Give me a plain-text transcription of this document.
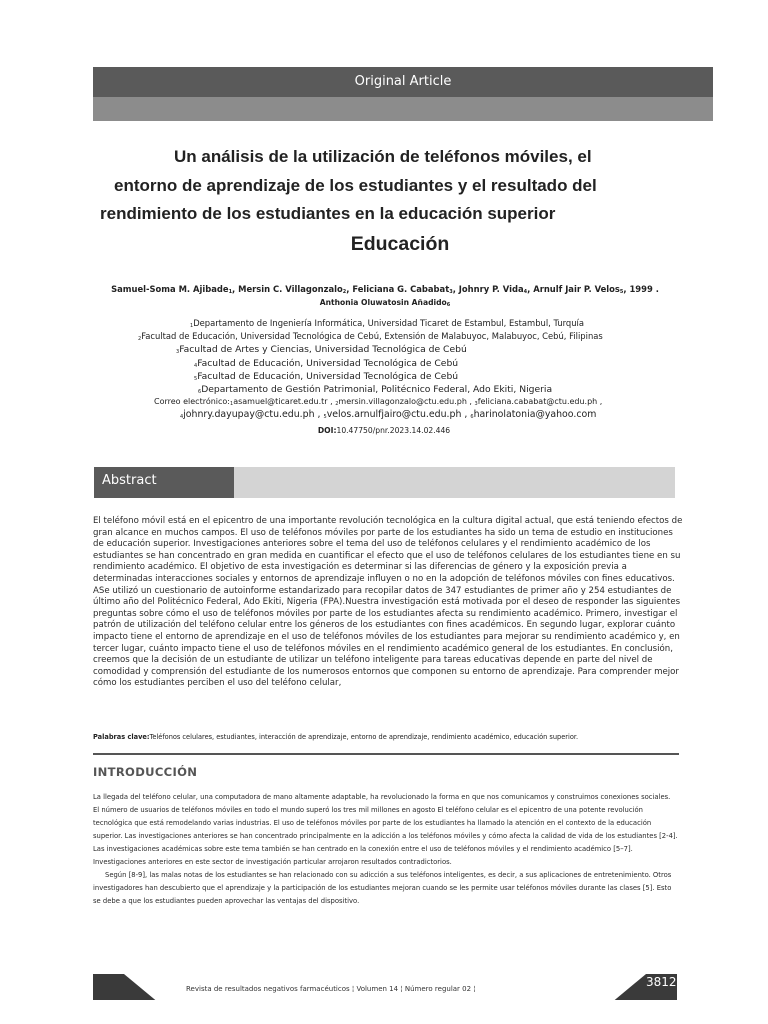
Original Article
Un análisis de la utilización de teléfonos móviles, el
entorno de aprendizaje de los estudiantes y el resultado del
rendimiento de los estudiantes en la educación superior
Educación
Samuel-Soma M. Ajibade1, Mersin C. Villagonzalo2, Feliciana G. Cababat3, Johnry P. Vida4, Arnulf Jair P. Velos5, 1999 .
Anthonia Oluwatosin Añadido6
1Departamento de Ingeniería Informática, Universidad Ticaret de Estambul, Estambul, Turquía
2Facultad de Educación, Universidad Tecnológica de Cebú, Extensión de Malabuyoc, Malabuyoc, Cebú, Filipinas
3Facultad de Artes y Ciencias, Universidad Tecnológica de Cebú
4Facultad de Educación, Universidad Tecnológica de Cebú
5Facultad de Educación, Universidad Tecnológica de Cebú
6Departamento de Gestión Patrimonial, Politécnico Federal, Ado Ekiti, Nigeria
Correo electrónico:1asamuel@ticaret.edu.tr , 2mersin.villagonzalo@ctu.edu.ph , 3feliciana.cababat@ctu.edu.ph ,
4johnry.dayupay@ctu.edu.ph , 5velos.arnulfjairo@ctu.edu.ph , 6harinolatonia@yahoo.com
DOI:10.47750/pnr.2023.14.02.446
Abstract
El teléfono móvil está en el epicentro de una importante revolución tecnológica en la cultura digital actual, que está teniendo efectos de gran alcance en muchos campos. El uso de teléfonos móviles por parte de los estudiantes ha sido un tema de estudio en instituciones de educación superior. Investigaciones anteriores sobre el tema del uso de teléfonos celulares y el rendimiento académico de los estudiantes se han concentrado en gran medida en cuantificar el efecto que el uso de teléfonos celulares de los estudiantes tiene en su rendimiento académico. El objetivo de esta investigación es determinar si las diferencias de género y la exposición previa a determinadas interacciones sociales y entornos de aprendizaje influyen o no en la adopción de teléfonos móviles con fines educativos. ASe utilizó un cuestionario de autoinforme estandarizado para recopilar datos de 347 estudiantes de primer año y 254 estudiantes de último año del Politécnico Federal, Ado Ekiti, Nigeria (FPA).Nuestra investigación está motivada por el deseo de responder las siguientes preguntas sobre cómo el uso de teléfonos móviles por parte de los estudiantes afecta su rendimiento académico. Primero, investigar el patrón de utilización del teléfono celular entre los géneros de los estudiantes con fines académicos. En segundo lugar, explorar cuánto impacto tiene el entorno de aprendizaje en el uso de teléfonos móviles de los estudiantes para mejorar su rendimiento académico y, en tercer lugar, cuánto impacto tiene el uso de teléfonos móviles en el rendimiento académico general de los estudiantes. En conclusión, creemos que la decisión de un estudiante de utilizar un teléfono inteligente para tareas educativas depende en parte del nivel de comodidad y comprensión del estudiante de los numerosos entornos que componen su entorno de aprendizaje. Para comprender mejor cómo los estudiantes perciben el uso del teléfono celular,
Palabras clave:Teléfonos celulares, estudiantes, interacción de aprendizaje, entorno de aprendizaje, rendimiento académico, educación superior.
INTRODUCCIÓN

La llegada del teléfono celular, una computadora de mano altamente adaptable, ha revolucionado la forma en que nos comunicamos y construimos conexiones sociales. El número de usuarios de teléfonos móviles en todo el mundo superó los tres mil millones en agosto El teléfono celular es el epicentro de una potente revolución tecnológica que está remodelando varias industrias. El uso de teléfonos móviles por parte de los estudiantes ha llamado la atención en el contexto de la educación superior. Las investigaciones anteriores se han concentrado principalmente en la adicción a los teléfonos móviles y cómo afecta la calidad de vida de los estudiantes [2-4]. Las investigaciones académicas sobre este tema también se han centrado en la conexión entre el uso de teléfonos móviles y el rendimiento académico [5–7]. Investigaciones anteriores en este sector de investigación particular arrojaron resultados contradictorios.

Según [8-9], las malas notas de los estudiantes se han relacionado con su adicción a sus teléfonos inteligentes, es decir, a sus aplicaciones de entretenimiento. Otros investigadores han descubierto que el aprendizaje y la participación de los estudiantes mejoran cuando se les permite usar teléfonos móviles durante las clases [5]. Esto se debe a que los estudiantes pueden aprovechar las ventajas del dispositivo.

Revista de resultados negativos farmacéuticos ¦ Volumen 14 ¦ Número regular 02 ¦	3812
